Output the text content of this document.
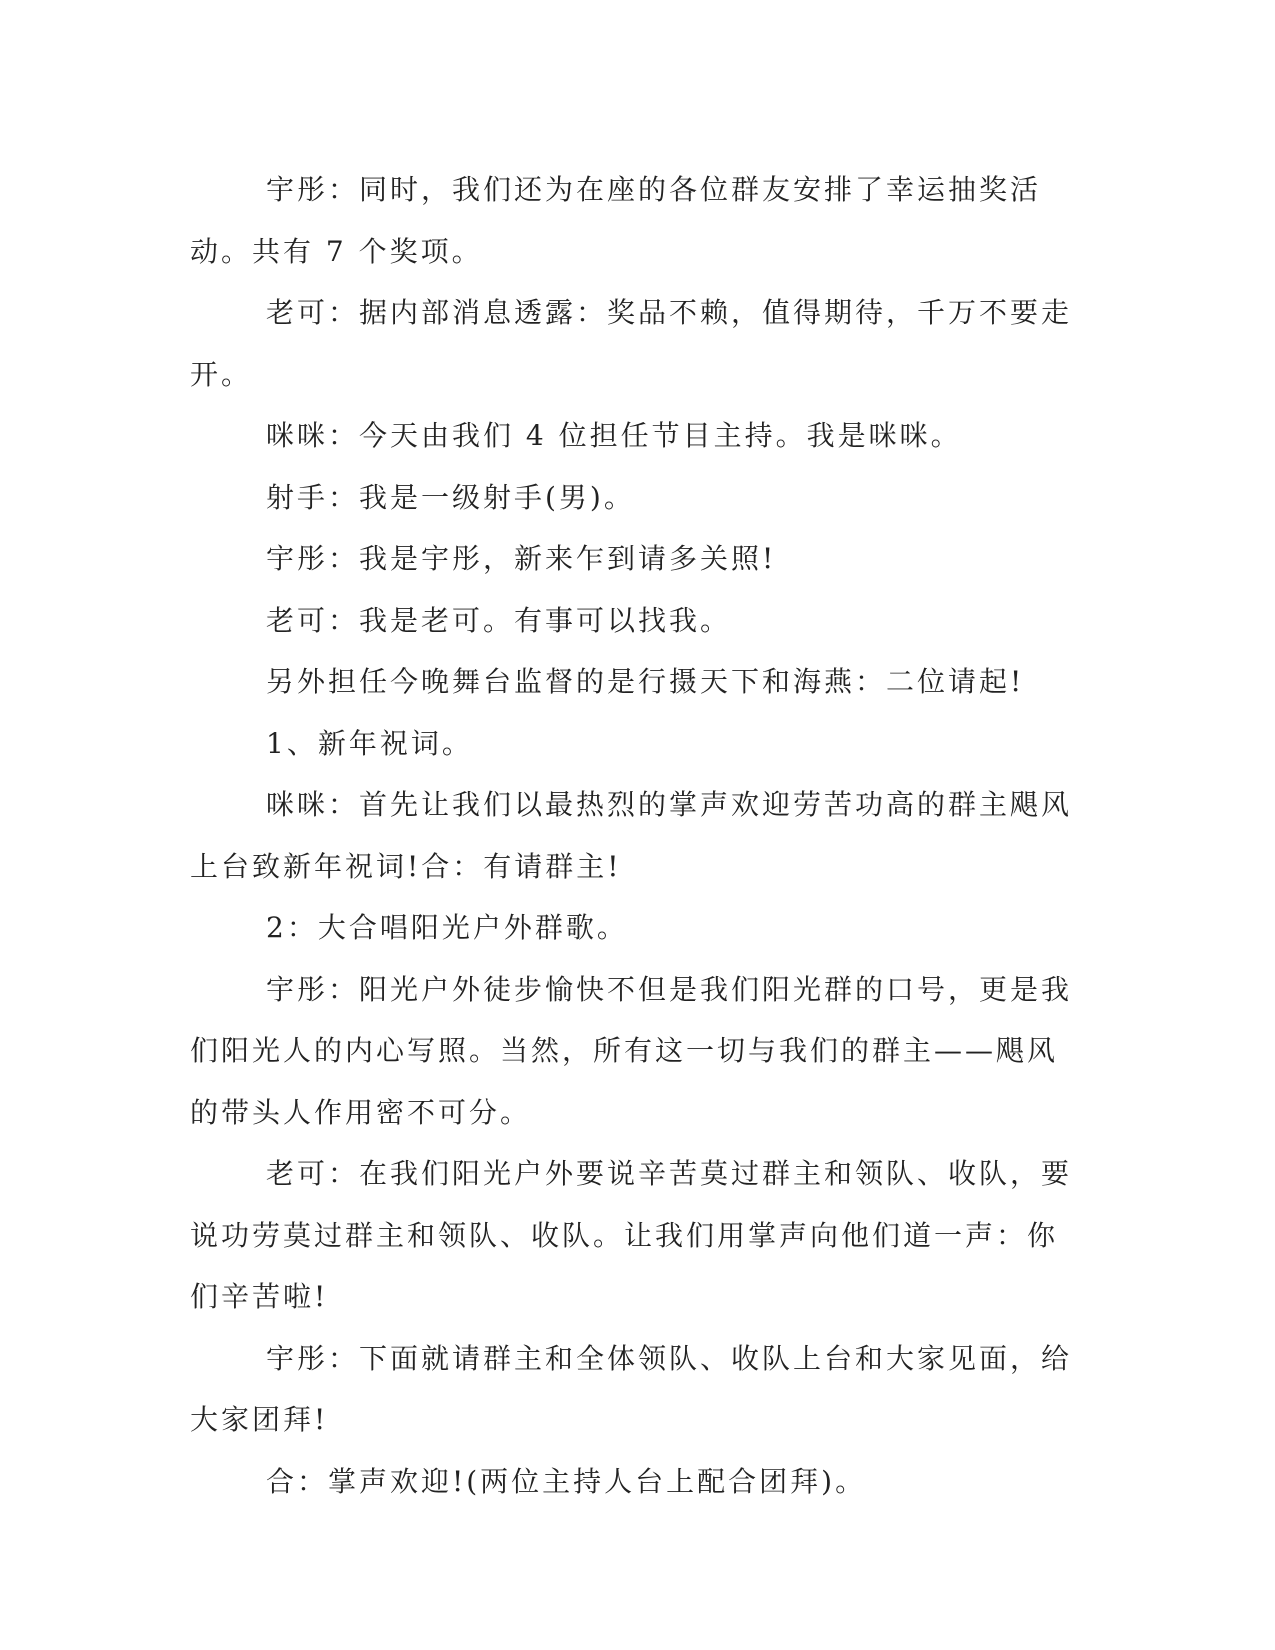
宇彤：同时，我们还为在座的各位群友安排了幸运抽奖活动。共有 7 个奖项。

老可：据内部消息透露：奖品不赖，值得期待，千万不要走开。

咪咪：今天由我们 4 位担任节目主持。我是咪咪。

射手：我是一级射手(男)。

宇彤：我是宇彤，新来乍到请多关照!

老可：我是老可。有事可以找我。

另外担任今晚舞台监督的是行摄天下和海燕：二位请起!

1、新年祝词。

咪咪：首先让我们以最热烈的掌声欢迎劳苦功高的群主飓风上台致新年祝词!合：有请群主!

2：大合唱阳光户外群歌。

宇彤：阳光户外徒步愉快不但是我们阳光群的口号，更是我们阳光人的内心写照。当然，所有这一切与我们的群主——飓风的带头人作用密不可分。

老可：在我们阳光户外要说辛苦莫过群主和领队、收队，要说功劳莫过群主和领队、收队。让我们用掌声向他们道一声：你们辛苦啦!

宇彤：下面就请群主和全体领队、收队上台和大家见面，给大家团拜!

合：掌声欢迎!(两位主持人台上配合团拜)。
